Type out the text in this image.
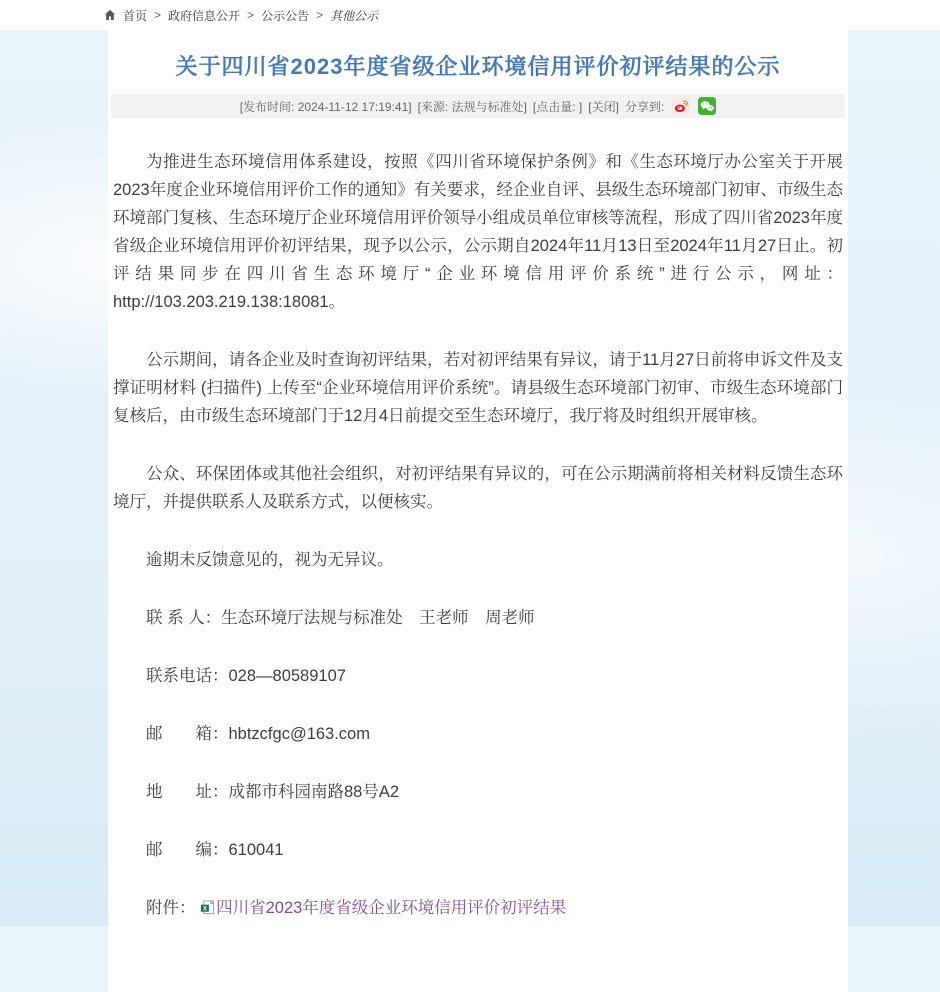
首页 > 政府信息公开 > 公示公告 > 其他公示
关于四川省2023年度省级企业环境信用评价初评结果的公示
[发布时间: 2024-11-12 17:19:41] [来源: 法规与标准处] [点击量: ] [关闭] 分享到:

为推进生态环境信用体系建设，按照《四川省环境保护条例》和《生态环境厅办公室关于开展2023年度企业环境信用评价工作的通知》有关要求，经企业自评、县级生态环境部门初审、市级生态环境部门复核、生态环境厅企业环境信用评价领导小组成员单位审核等流程，形成了四川省2023年度省级企业环境信用评价初评结果，现予以公示，公示期自2024年11月13日至2024年11月27日止。初评结果同步在四川省生态环境厅“企业环境信用评价系统”进行公示，网址：http://103.203.219.138:18081。

公示期间，请各企业及时查询初评结果，若对初评结果有异议，请于11月27日前将申诉文件及支撑证明材料 (扫描件) 上传至“企业环境信用评价系统”。请县级生态环境部门初审、市级生态环境部门复核后，由市级生态环境部门于12月4日前提交至生态环境厅，我厅将及时组织开展审核。

公众、环保团体或其他社会组织，对初评结果有异议的，可在公示期满前将相关材料反馈生态环境厅，并提供联系人及联系方式，以便核实。

逾期未反馈意见的，视为无异议。

联 系 人：生态环境厅法规与标准处　王老师　周老师

联系电话：028—80589107

邮　　箱：hbtzcfgc@163.com

地　　址：成都市科园南路88号A2

邮　　编：610041

附件： X 四川省2023年度省级企业环境信用评价初评结果
